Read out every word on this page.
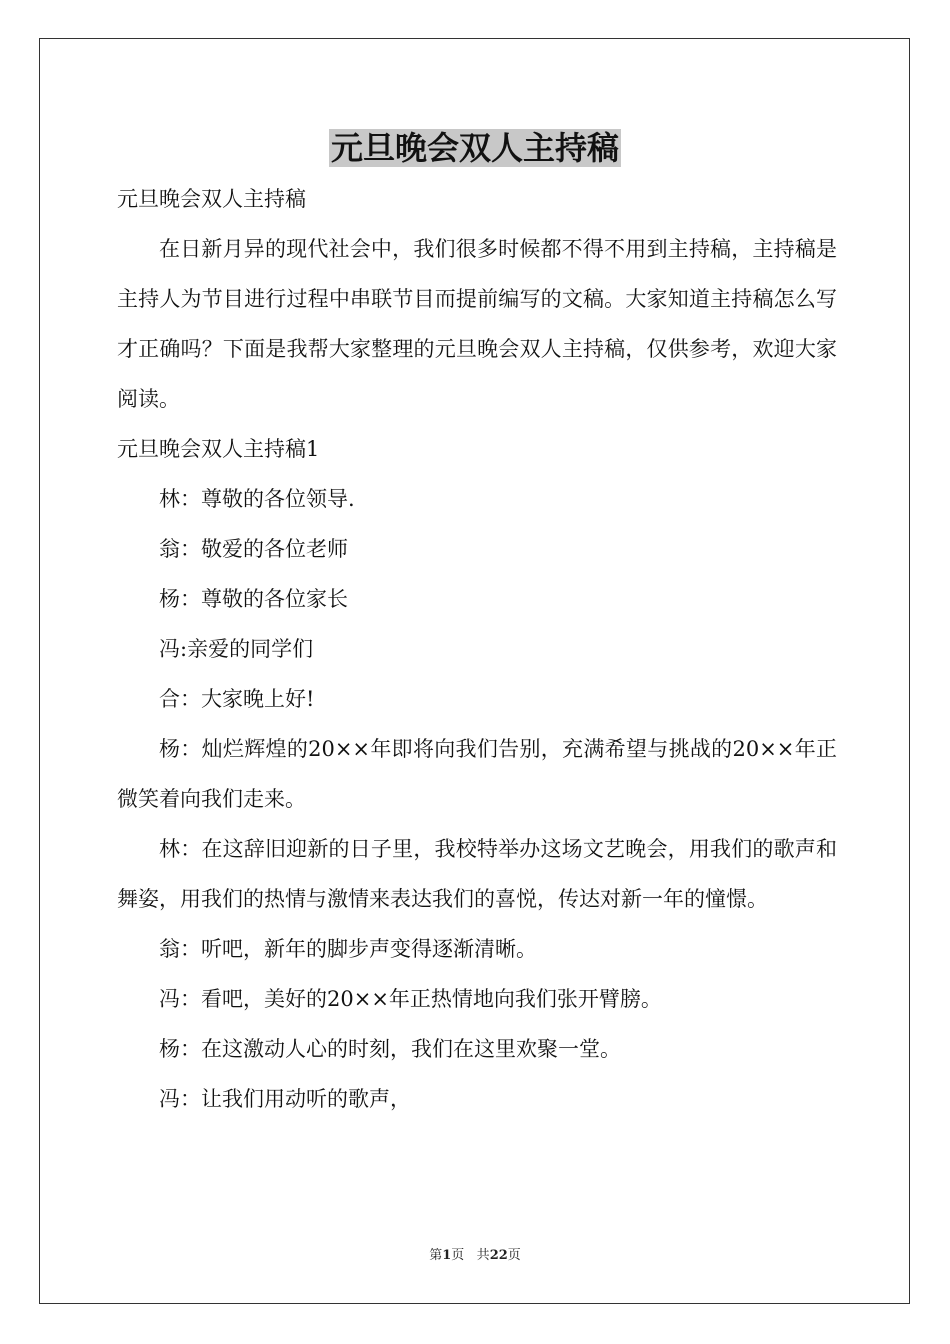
元旦晚会双人主持稿

元旦晚会双人主持稿

在日新月异的现代社会中，我们很多时候都不得不用到主持稿，主持稿是主持人为节目进行过程中串联节目而提前编写的文稿。大家知道主持稿怎么写才正确吗？下面是我帮大家整理的元旦晚会双人主持稿，仅供参考，欢迎大家阅读。

元旦晚会双人主持稿1

林：尊敬的各位领导.

翁：敬爱的各位老师

杨：尊敬的各位家长

冯:亲爱的同学们

合：大家晚上好!

杨：灿烂辉煌的20××年即将向我们告别，充满希望与挑战的20××年正微笑着向我们走来。

林：在这辞旧迎新的日子里，我校特举办这场文艺晚会，用我们的歌声和舞姿，用我们的热情与激情来表达我们的喜悦，传达对新一年的憧憬。

翁：听吧，新年的脚步声变得逐渐清晰。

冯：看吧，美好的20××年正热情地向我们张开臂膀。

杨：在这激动人心的时刻，我们在这里欢聚一堂。

冯：让我们用动听的歌声，

第1页 共22页
